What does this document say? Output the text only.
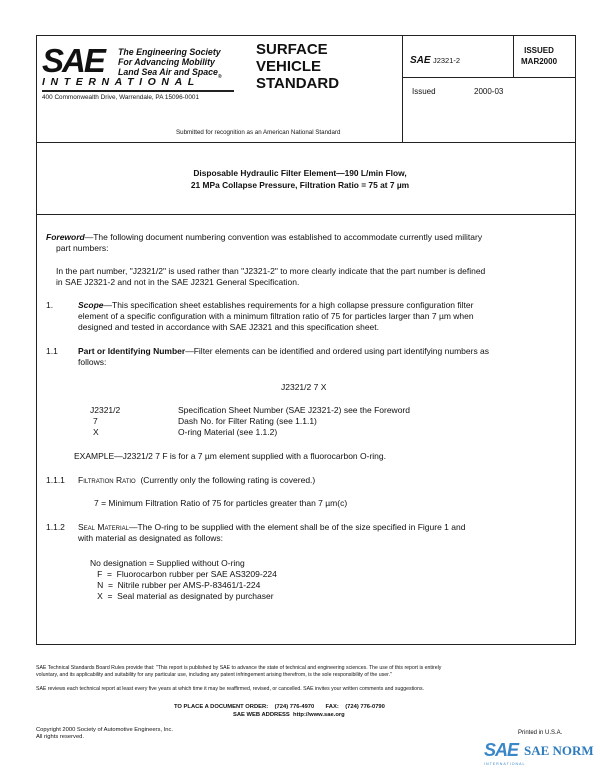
SAE The Engineering Society
For Advancing Mobility
Land Sea Air and Space$_®$
INTERNATIONAL
400 Commonwealth Drive, Warrendale, PA 15096-0001
SURFACE
VEHICLE
STANDARD
SAE J2321-2
ISSUED
MAR2000
Issued	2000-03
Submitted for recognition as an American National Standard
Disposable Hydraulic Filter Element—190 L/min Flow,
21 MPa Collapse Pressure, Filtration Ratio = 75 at 7 µm
Foreword—The following document numbering convention was established to accommodate currently used military
part numbers:
In the part number, "J2321/2" is used rather than "J2321-2" to more clearly indicate that the part number is defined
in SAE J2321-2 and not in the SAE J2321 General Specification.
1.	Scope—This specification sheet establishes requirements for a high collapse pressure configuration filter
element of a specific configuration with a minimum filtration ratio of 75 for particles larger than 7 µm when
designed and tested in accordance with SAE J2321 and this specification sheet.
1.1 Part or Identifying Number—Filter elements can be identified and ordered using part identifying numbers as
follows:
J2321/2 7 X
J2321/2	Specification Sheet Number (SAE J2321-2) see the Foreword
7	Dash No. for Filter Rating (see 1.1.1)
X	O-ring Material (see 1.1.2)
EXAMPLE—J2321/2 7 F is for a 7 µm element supplied with a fluorocarbon O-ring.
1.1.1 Filtration Ratio (Currently only the following rating is covered.)
7 = Minimum Filtration Ratio of 75 for particles greater than 7 µm(c)
1.1.2 Seal Material—The O-ring to be supplied with the element shall be of the size specified in Figure 1 and
with material as designated as follows:
No designation = Supplied without O-ring
F  =  Fluorocarbon rubber per SAE AS3209-224
N  =  Nitrile rubber per AMS-P-83461/1-224
X  =  Seal material as designated by purchaser
SAE Technical Standards Board Rules provide that: "This report is published by SAE to advance the state of technical and engineering sciences. The use of this report is entirely
voluntary, and its applicability and suitability for any particular use, including any patent infringement arising therefrom, is the sole responsibility of the user."
SAE reviews each technical report at least every five years at which time it may be reaffirmed, revised, or cancelled. SAE invites your written comments and suggestions.
TO PLACE A DOCUMENT ORDER: (724) 776-4970 FAX: (724) 776-0790
SAE WEB ADDRESS http://www.sae.org
Copyright 2000 Society of Automotive Engineers, Inc.
All rights reserved.
Printed in U.S.A.
SAE SAE NORM
INTERNATIONAL
